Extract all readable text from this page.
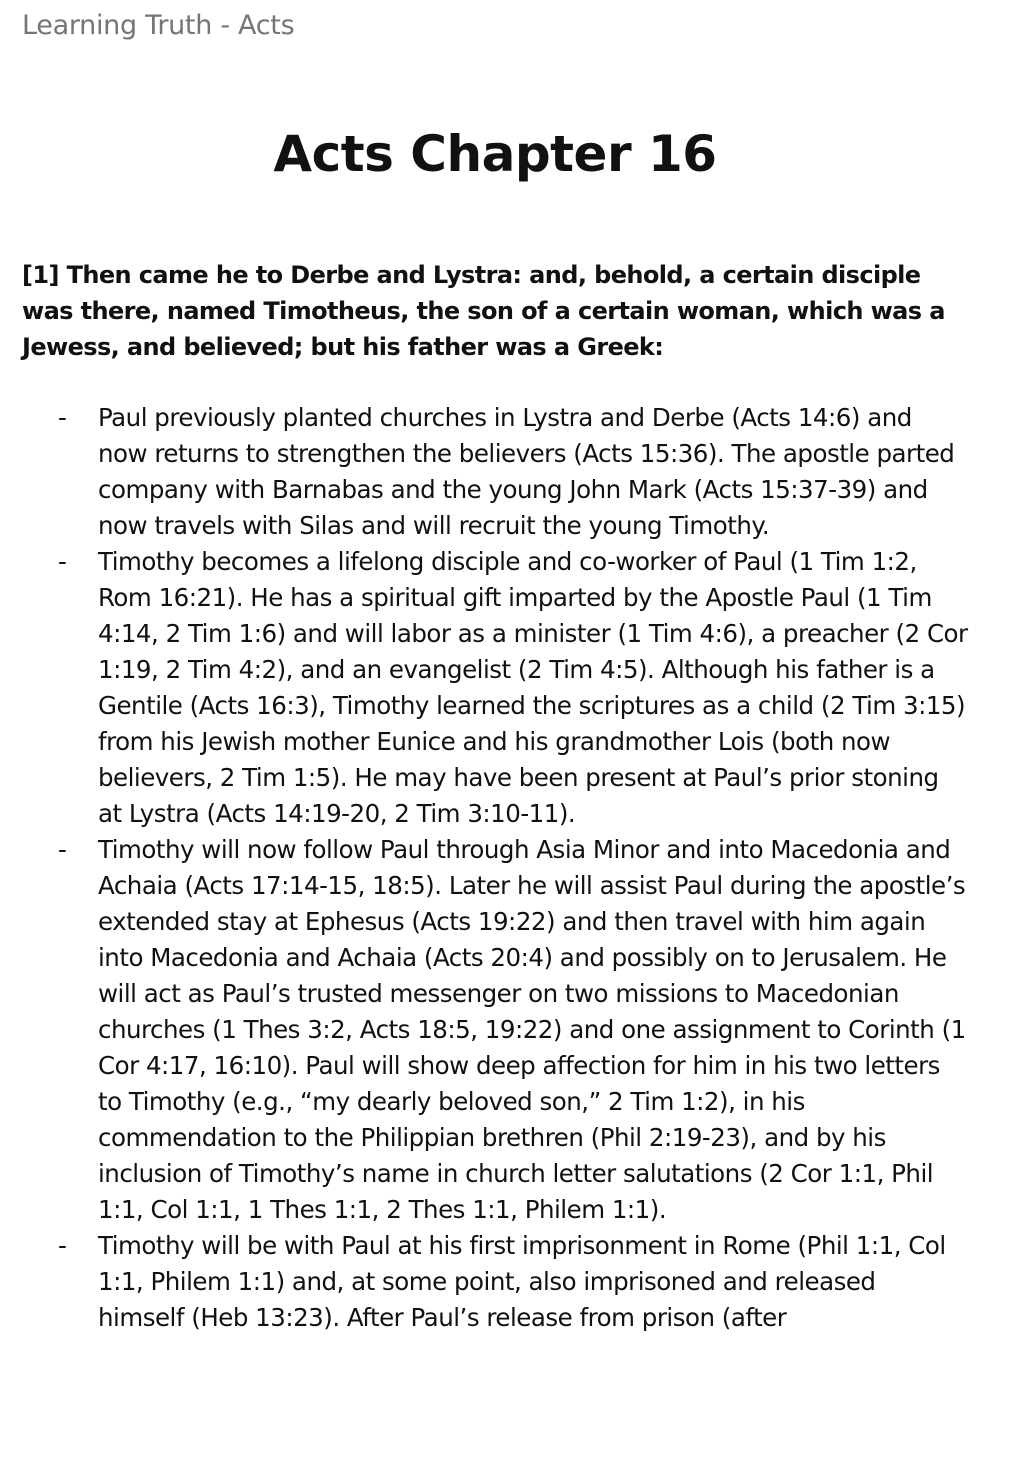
Learning Truth - Acts
Acts Chapter 16

[1] Then came he to Derbe and Lystra: and, behold, a certain disciple was there, named Timotheus, the son of a certain woman, which was a Jewess, and believed; but his father was a Greek:

- Paul previously planted churches in Lystra and Derbe (Acts 14:6) and now returns to strengthen the believers (Acts 15:36). The apostle parted company with Barnabas and the young John Mark (Acts 15:37-39) and now travels with Silas and will recruit the young Timothy.
- Timothy becomes a lifelong disciple and co-worker of Paul (1 Tim 1:2, Rom 16:21). He has a spiritual gift imparted by the Apostle Paul (1 Tim 4:14, 2 Tim 1:6) and will labor as a minister (1 Tim 4:6), a preacher (2 Cor 1:19, 2 Tim 4:2), and an evangelist (2 Tim 4:5). Although his father is a Gentile (Acts 16:3), Timothy learned the scriptures as a child (2 Tim 3:15) from his Jewish mother Eunice and his grandmother Lois (both now believers, 2 Tim 1:5). He may have been present at Paul’s prior stoning at Lystra (Acts 14:19-20, 2 Tim 3:10-11).
- Timothy will now follow Paul through Asia Minor and into Macedonia and Achaia (Acts 17:14-15, 18:5). Later he will assist Paul during the apostle’s extended stay at Ephesus (Acts 19:22) and then travel with him again into Macedonia and Achaia (Acts 20:4) and possibly on to Jerusalem. He will act as Paul’s trusted messenger on two missions to Macedonian churches (1 Thes 3:2, Acts 18:5, 19:22) and one assignment to Corinth (1 Cor 4:17, 16:10). Paul will show deep affection for him in his two letters to Timothy (e.g., “my dearly beloved son,” 2 Tim 1:2), in his commendation to the Philippian brethren (Phil 2:19-23), and by his inclusion of Timothy’s name in church letter salutations (2 Cor 1:1, Phil 1:1, Col 1:1, 1 Thes 1:1, 2 Thes 1:1, Philem 1:1).
- Timothy will be with Paul at his first imprisonment in Rome (Phil 1:1, Col 1:1, Philem 1:1) and, at some point, also imprisoned and released himself (Heb 13:23). After Paul’s release from prison (after
